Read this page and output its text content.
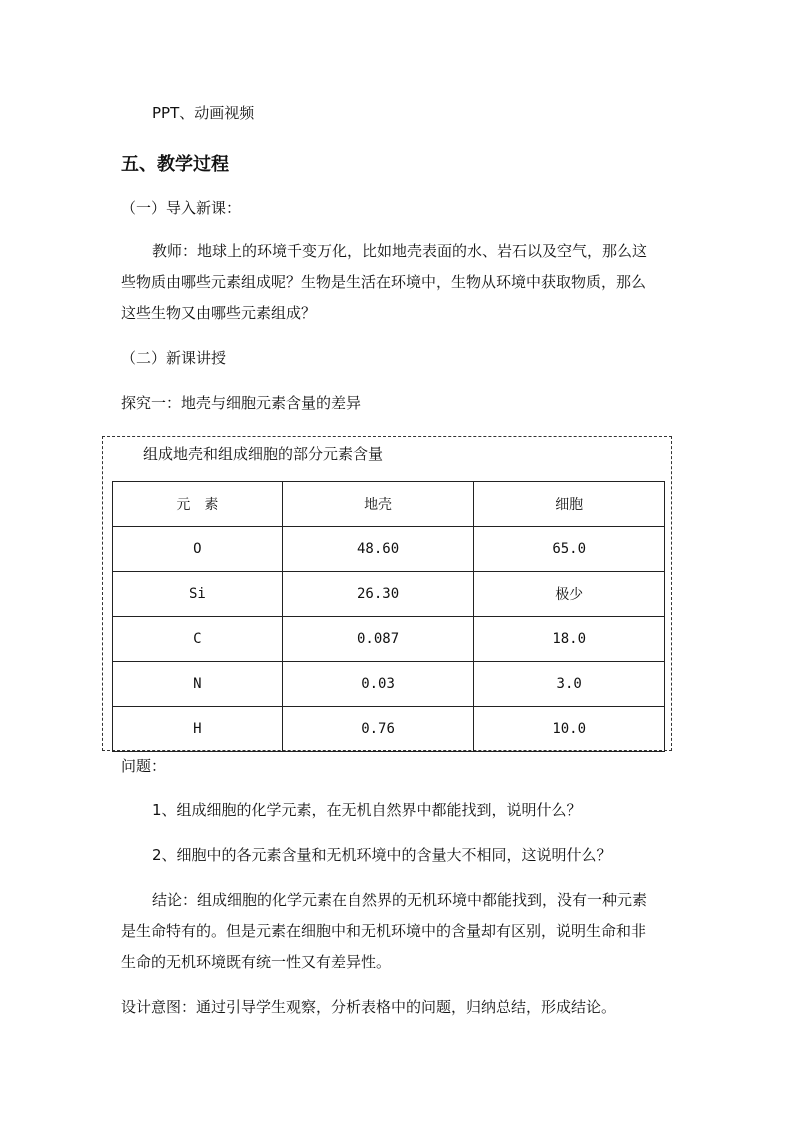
PPT、动画视频
五、教学过程
（一）导入新课：
教师：地球上的环境千变万化，比如地壳表面的水、岩石以及空气，那么这
些物质由哪些元素组成呢？生物是生活在环境中，生物从环境中获取物质，那么
这些生物又由哪些元素组成？
（二）新课讲授
探究一：地壳与细胞元素含量的差异
组成地壳和组成细胞的部分元素含量
元　素	地壳	细胞
O	48.60	65.0
Si	26.30	极少
C	0.087	18.0
N	0.03	3.0
H	0.76	10.0
问题：
1、组成细胞的化学元素，在无机自然界中都能找到，说明什么？
2、细胞中的各元素含量和无机环境中的含量大不相同，这说明什么？
结论：组成细胞的化学元素在自然界的无机环境中都能找到，没有一种元素
是生命特有的。但是元素在细胞中和无机环境中的含量却有区别，说明生命和非
生命的无机环境既有统一性又有差异性。
设计意图：通过引导学生观察，分析表格中的问题，归纳总结，形成结论。
